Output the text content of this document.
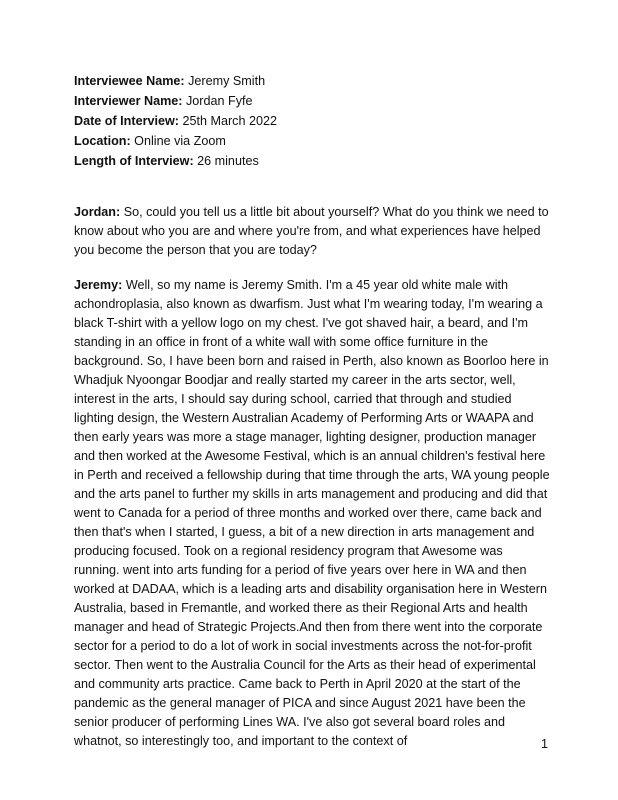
Interviewee Name: Jeremy Smith
Interviewer Name: Jordan Fyfe
Date of Interview: 25th March 2022
Location: Online via Zoom
Length of Interview: 26 minutes

Jordan: So, could you tell us a little bit about yourself? What do you think we need to know about who you are and where you're from, and what experiences have helped you become the person that you are today?

Jeremy: Well, so my name is Jeremy Smith. I'm a 45 year old white male with achondroplasia, also known as dwarfism. Just what I'm wearing today, I'm wearing a black T-shirt with a yellow logo on my chest. I've got shaved hair, a beard, and I'm standing in an office in front of a white wall with some office furniture in the background. So, I have been born and raised in Perth, also known as Boorloo here in Whadjuk Nyoongar Boodjar and really started my career in the arts sector, well, interest in the arts, I should say during school, carried that through and studied lighting design, the Western Australian Academy of Performing Arts or WAAPA and then early years was more a stage manager, lighting designer, production manager and then worked at the Awesome Festival, which is an annual children's festival here in Perth and received a fellowship during that time through the arts, WA young people and the arts panel to further my skills in arts management and producing and did that went to Canada for a period of three months and worked over there, came back and then that's when I started, I guess, a bit of a new direction in arts management and producing focused. Took on a regional residency program that Awesome was running. went into arts funding for a period of five years over here in WA and then worked at DADAA, which is a leading arts and disability organisation here in Western Australia, based in Fremantle, and worked there as their Regional Arts and health manager and head of Strategic Projects.And then from there went into the corporate sector for a period to do a lot of work in social investments across the not-for-profit sector. Then went to the Australia Council for the Arts as their head of experimental and community arts practice. Came back to Perth in April 2020 at the start of the pandemic as the general manager of PICA and since August 2021 have been the senior producer of performing Lines WA. I've also got several board roles and whatnot, so interestingly too, and important to the context of	1
